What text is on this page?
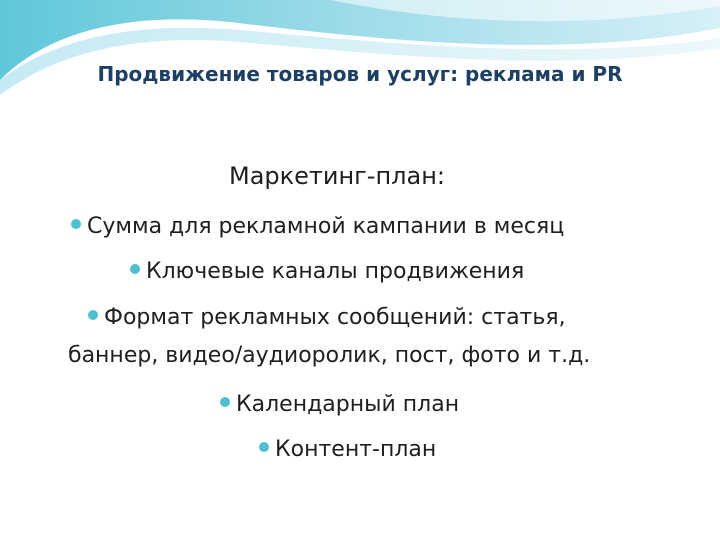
Продвижение товаров и услуг: реклама и PR
Маркетинг-план:
Сумма для рекламной кампании в месяц
Ключевые каналы продвижения
Формат рекламных сообщений: статья,
баннер, видео/аудиоролик, пост, фото и т.д.
Календарный план
Контент-план
